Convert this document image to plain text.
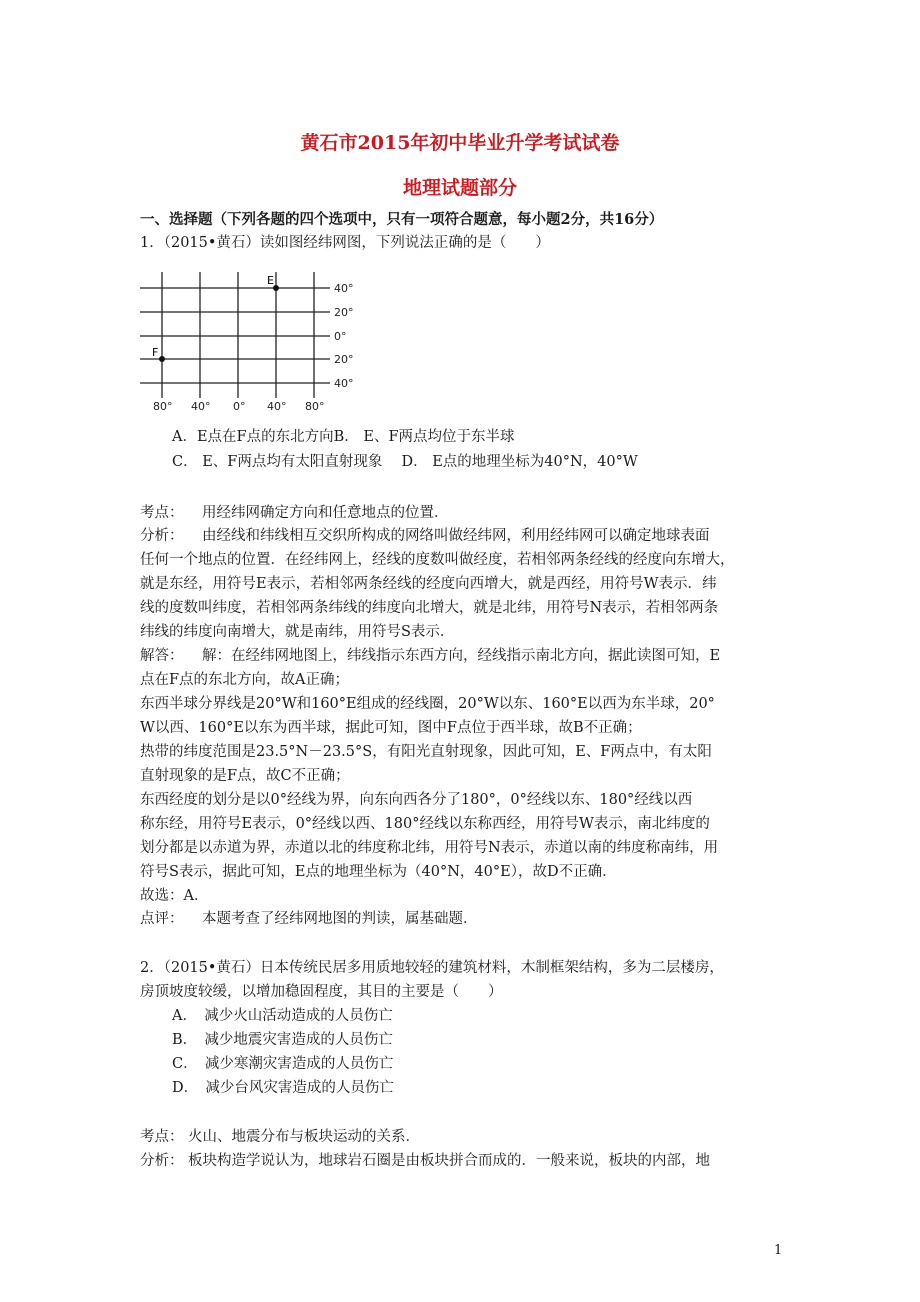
黄石市2015年初中毕业升学考试试卷
地理试题部分
一、选择题（下列各题的四个选项中，只有一项符合题意，每小题2分，共16分）
1．（2015•黄石）读如图经纬网图，下列说法正确的是（　　）
E
F
40°
20°
0°
20°
40°
80° 40° 0° 40° 80°
A．E点在F点的东北方向B． E、F两点均位于东半球
C． E、F两点均有太阳直射现象　 D． E点的地理坐标为40°N，40°W
考点： 用经纬网确定方向和任意地点的位置．
分析： 由经线和纬线相互交织所构成的网络叫做经纬网，利用经纬网可以确定地球表面
任何一个地点的位置．在经纬网上，经线的度数叫做经度，若相邻两条经线的经度向东增大，
就是东经，用符号E表示，若相邻两条经线的经度向西增大，就是西经，用符号W表示．纬
线的度数叫纬度，若相邻两条纬线的纬度向北增大，就是北纬，用符号N表示，若相邻两条
纬线的纬度向南增大，就是南纬，用符号S表示．
解答： 解：在经纬网地图上，纬线指示东西方向，经线指示南北方向，据此读图可知，E
点在F点的东北方向，故A正确；
东西半球分界线是20°W和160°E组成的经线圈，20°W以东、160°E以西为东半球，20°
W以西、160°E以东为西半球，据此可知，图中F点位于西半球，故B不正确；
热带的纬度范围是23.5°N－23.5°S，有阳光直射现象，因此可知，E、F两点中，有太阳
直射现象的是F点，故C不正确；
东西经度的划分是以0°经线为界，向东向西各分了180°，0°经线以东、180°经线以西
称东经，用符号E表示，0°经线以西、180°经线以东称西经，用符号W表示，南北纬度的
划分都是以赤道为界，赤道以北的纬度称北纬，用符号N表示，赤道以南的纬度称南纬，用
符号S表示，据此可知，E点的地理坐标为（40°N，40°E），故D不正确．
故选：A．
点评： 本题考查了经纬网地图的判读，属基础题．
2．（2015•黄石）日本传统民居多用质地较轻的建筑材料，木制框架结构，多为二层楼房，
房顶坡度较缓，以增加稳固程度，其目的主要是（　　）
A．　减少火山活动造成的人员伤亡
B．　减少地震灾害造成的人员伤亡
C．　减少寒潮灾害造成的人员伤亡
D．　减少台风灾害造成的人员伤亡
考点： 火山、地震分布与板块运动的关系．
分析： 板块构造学说认为，地球岩石圈是由板块拼合而成的．一般来说，板块的内部，地
1
